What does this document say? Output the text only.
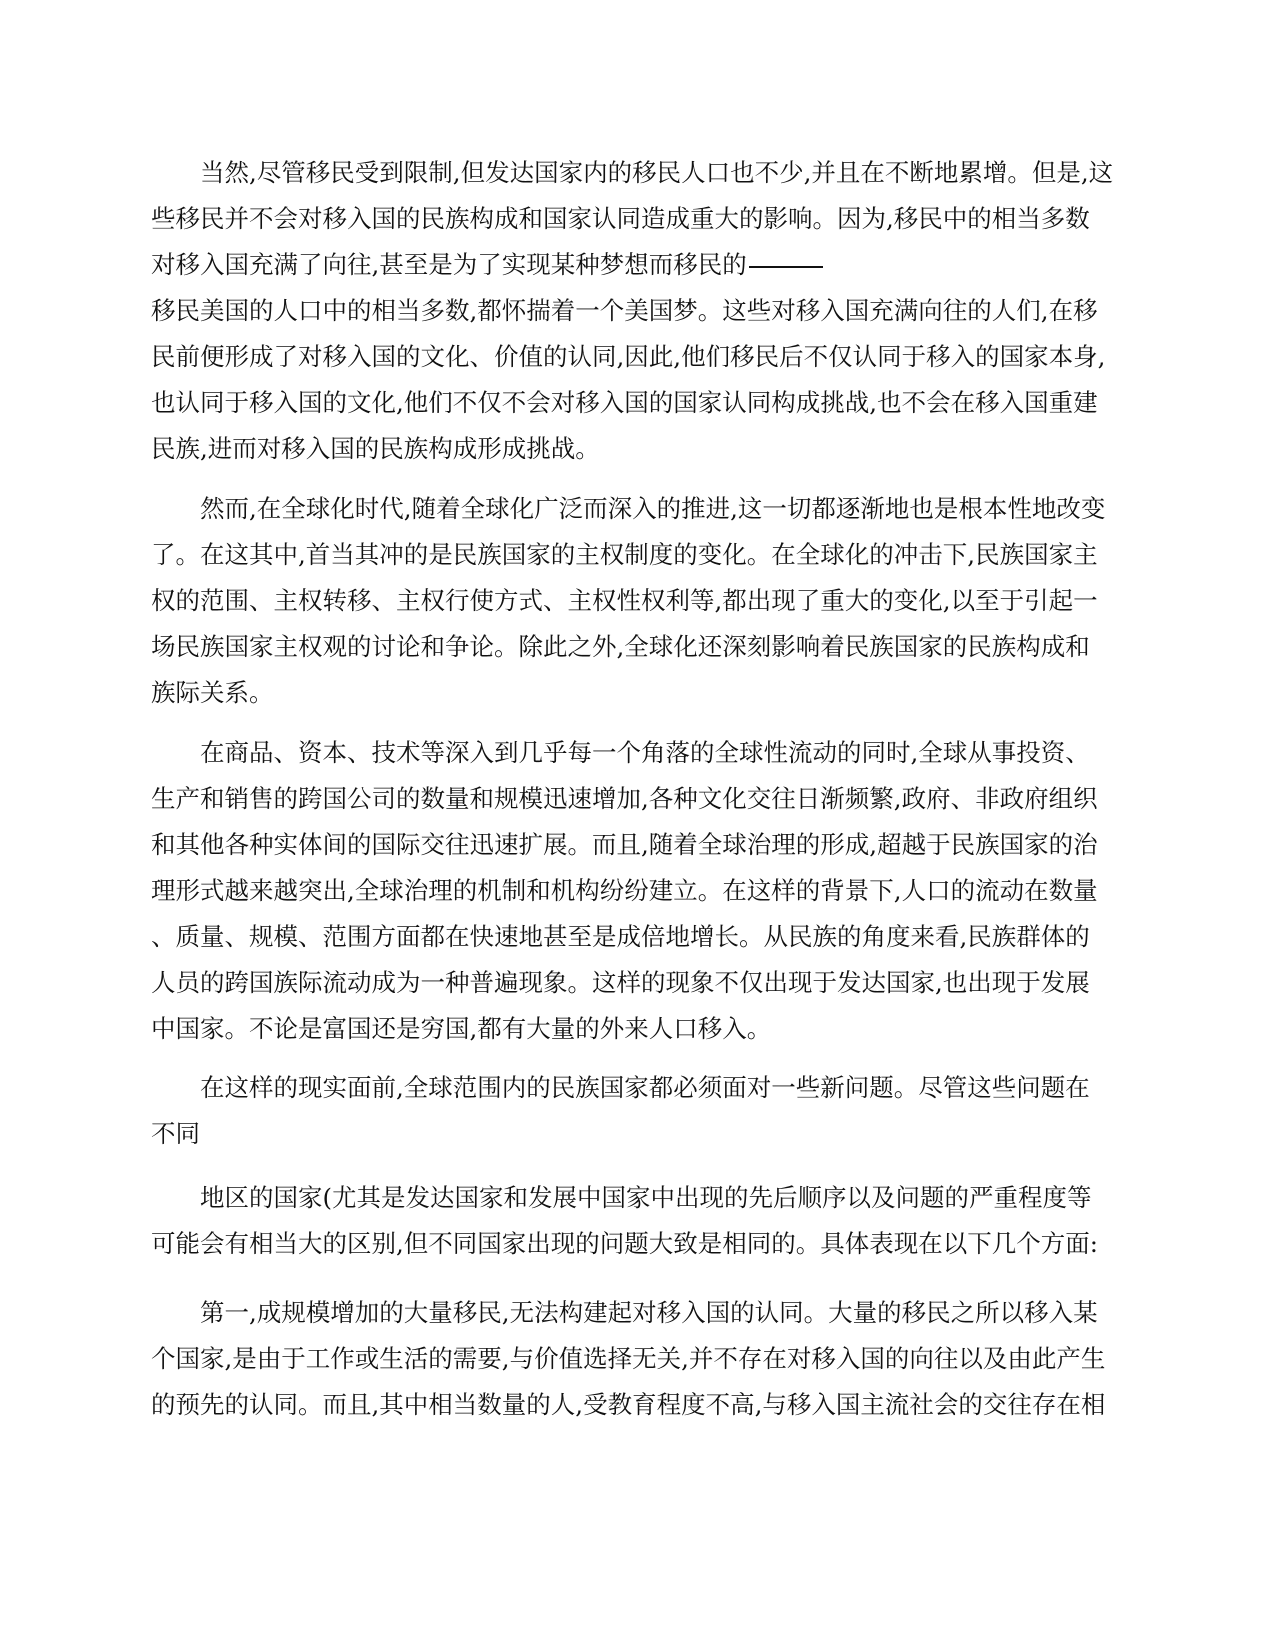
当然,尽管移民受到限制,但发达国家内的移民人口也不少,并且在不断地累增。但是,这
些移民并不会对移入国的民族构成和国家认同造成重大的影响。因为,移民中的相当多数
对移入国充满了向往,甚至是为了实现某种梦想而移民的
移民美国的人口中的相当多数,都怀揣着一个美国梦。这些对移入国充满向往的人们,在移
民前便形成了对移入国的文化、价值的认同,因此,他们移民后不仅认同于移入的国家本身,
也认同于移入国的文化,他们不仅不会对移入国的国家认同构成挑战,也不会在移入国重建
民族,进而对移入国的民族构成形成挑战。
然而,在全球化时代,随着全球化广泛而深入的推进,这一切都逐渐地也是根本性地改变
了。在这其中,首当其冲的是民族国家的主权制度的变化。在全球化的冲击下,民族国家主
权的范围、主权转移、主权行使方式、主权性权利等,都出现了重大的变化,以至于引起一
场民族国家主权观的讨论和争论。除此之外,全球化还深刻影响着民族国家的民族构成和
族际关系。
在商品、资本、技术等深入到几乎每一个角落的全球性流动的同时,全球从事投资、
生产和销售的跨国公司的数量和规模迅速增加,各种文化交往日渐频繁,政府、非政府组织
和其他各种实体间的国际交往迅速扩展。而且,随着全球治理的形成,超越于民族国家的治
理形式越来越突出,全球治理的机制和机构纷纷建立。在这样的背景下,人口的流动在数量
、质量、规模、范围方面都在快速地甚至是成倍地增长。从民族的角度来看,民族群体的
人员的跨国族际流动成为一种普遍现象。这样的现象不仅出现于发达国家,也出现于发展
中国家。不论是富国还是穷国,都有大量的外来人口移入。
在这样的现实面前,全球范围内的民族国家都必须面对一些新问题。尽管这些问题在
不同
地区的国家(尤其是发达国家和发展中国家中出现的先后顺序以及问题的严重程度等
可能会有相当大的区别,但不同国家出现的问题大致是相同的。具体表现在以下几个方面:
第一,成规模增加的大量移民,无法构建起对移入国的认同。大量的移民之所以移入某
个国家,是由于工作或生活的需要,与价值选择无关,并不存在对移入国的向往以及由此产生
的预先的认同。而且,其中相当数量的人,受教育程度不高,与移入国主流社会的交往存在相
